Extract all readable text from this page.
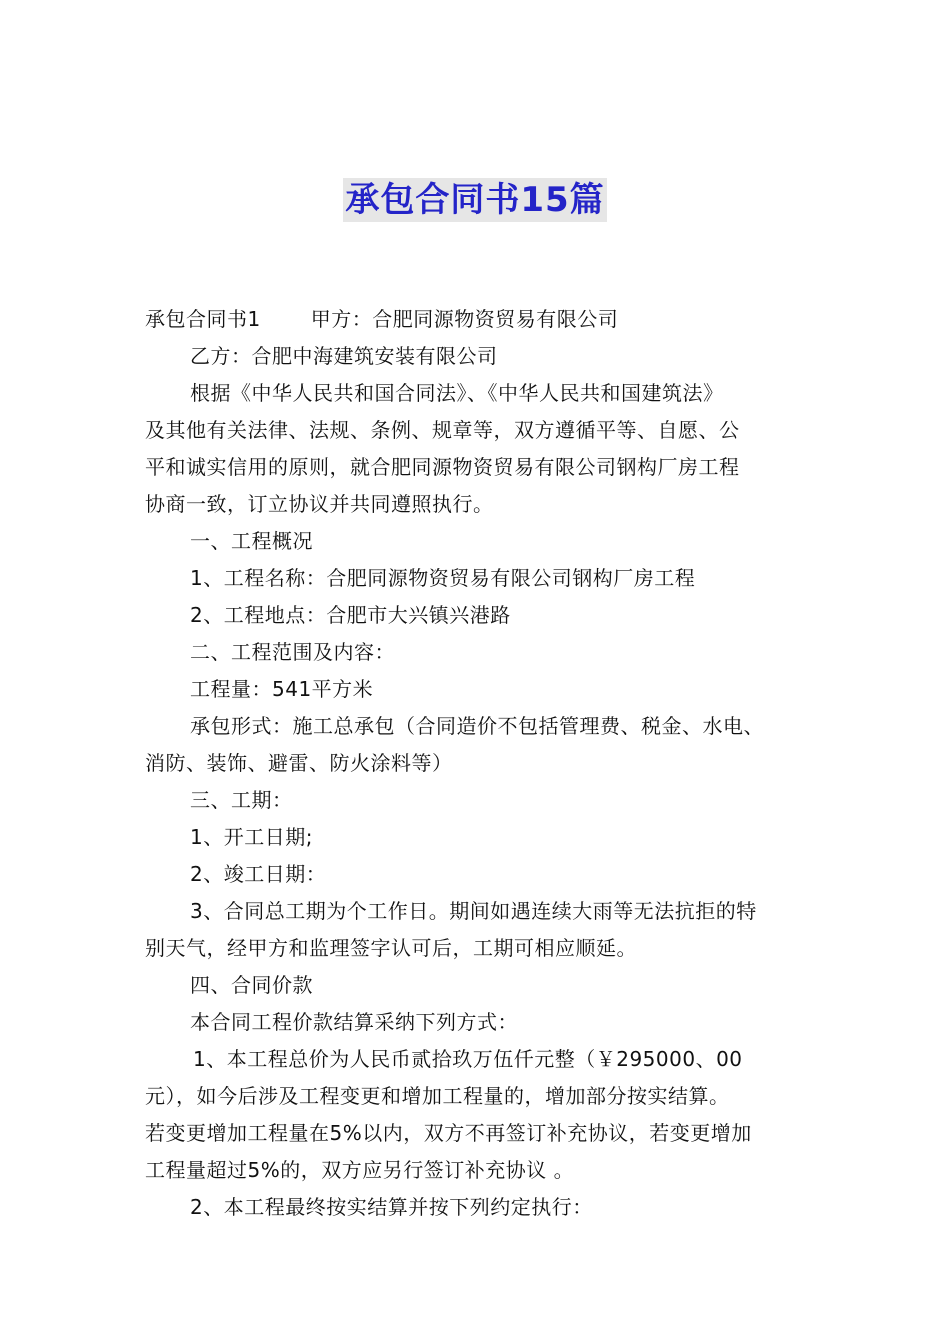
承包合同书15篇

承包合同书1	甲方：合肥同源物资贸易有限公司

乙方：合肥中海建筑安装有限公司

根据《中华人民共和国合同法》、《中华人民共和国建筑法》

及其他有关法律、法规、条例、规章等，双方遵循平等、自愿、公

平和诚实信用的原则，就合肥同源物资贸易有限公司钢构厂房工程

协商一致，订立协议并共同遵照执行。

一、工程概况

1、工程名称：合肥同源物资贸易有限公司钢构厂房工程

2、工程地点：合肥市大兴镇兴港路

二、工程范围及内容：

工程量：541平方米

承包形式：施工总承包（合同造价不包括管理费、税金、水电、

消防、装饰、避雷、防火涂料等）

三、工期：

1、开工日期;

2、竣工日期：

3、合同总工期为个工作日。期间如遇连续大雨等无法抗拒的特

别天气，经甲方和监理签字认可后，工期可相应顺延。

四、合同价款

本合同工程价款结算采纳下列方式：

1、本工程总价为人民币贰拾玖万伍仟元整（￥295000、00

元），如今后涉及工程变更和增加工程量的，增加部分按实结算。

若变更增加工程量在5%以内，双方不再签订补充协议，若变更增加

工程量超过5%的，双方应另行签订补充协议 。

2、本工程最终按实结算并按下列约定执行：
